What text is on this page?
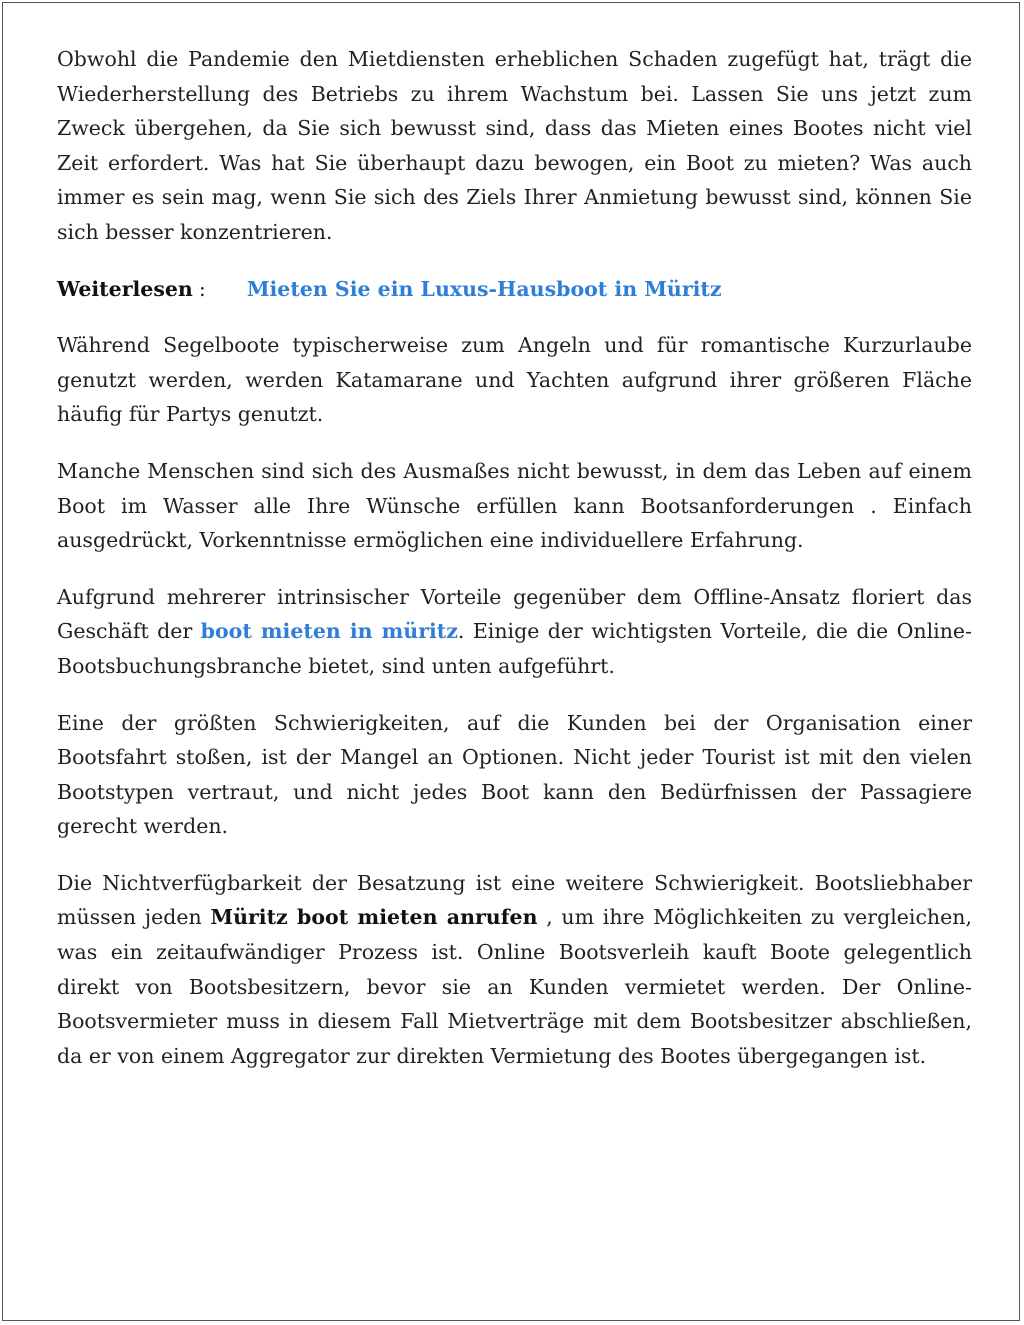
Obwohl die Pandemie den Mietdiensten erheblichen Schaden zugefügt hat, trägt die Wiederherstellung des Betriebs zu ihrem Wachstum bei. Lassen Sie uns jetzt zum Zweck übergehen, da Sie sich bewusst sind, dass das Mieten eines Bootes nicht viel Zeit erfordert. Was hat Sie überhaupt dazu bewogen, ein Boot zu mieten? Was auch immer es sein mag, wenn Sie sich des Ziels Ihrer Anmietung bewusst sind, können Sie sich besser konzentrieren.

Weiterlesen : Mieten Sie ein Luxus-Hausboot in Müritz

Während Segelboote typischerweise zum Angeln und für romantische Kurzurlaube genutzt werden, werden Katamarane und Yachten aufgrund ihrer größeren Fläche häufig für Partys genutzt.

Manche Menschen sind sich des Ausmaßes nicht bewusst, in dem das Leben auf einem Boot im Wasser alle Ihre Wünsche erfüllen kann Bootsanforderungen . Einfach ausgedrückt, Vorkenntnisse ermöglichen eine individuellere Erfahrung.

Aufgrund mehrerer intrinsischer Vorteile gegenüber dem Offline-Ansatz floriert das Geschäft der boot mieten in müritz. Einige der wichtigsten Vorteile, die die Online-Bootsbuchungsbranche bietet, sind unten aufgeführt.

Eine der größten Schwierigkeiten, auf die Kunden bei der Organisation einer Bootsfahrt stoßen, ist der Mangel an Optionen. Nicht jeder Tourist ist mit den vielen Bootstypen vertraut, und nicht jedes Boot kann den Bedürfnissen der Passagiere gerecht werden.

Die Nichtverfügbarkeit der Besatzung ist eine weitere Schwierigkeit. Bootsliebhaber müssen jeden Müritz boot mieten anrufen , um ihre Möglichkeiten zu vergleichen, was ein zeitaufwändiger Prozess ist. Online Bootsverleih kauft Boote gelegentlich direkt von Bootsbesitzern, bevor sie an Kunden vermietet werden. Der Online-Bootsvermieter muss in diesem Fall Mietverträge mit dem Bootsbesitzer abschließen, da er von einem Aggregator zur direkten Vermietung des Bootes übergegangen ist.
